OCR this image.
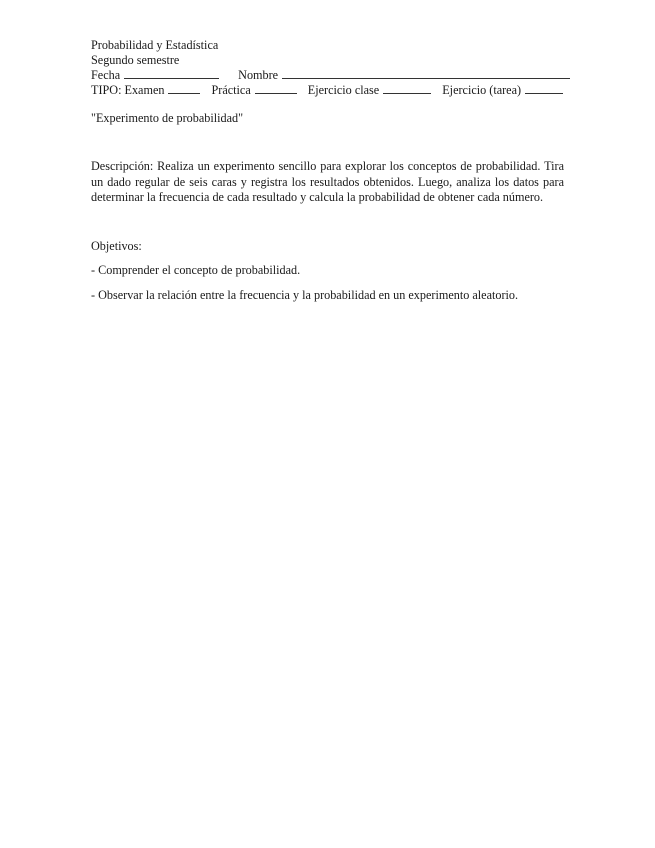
Probabilidad y Estadística
Segundo semestre
Fecha	Nombre
TIPO: Examen	Práctica	Ejercicio clase	Ejercicio (tarea)
"Experimento de probabilidad"
Descripción: Realiza un experimento sencillo para explorar los conceptos de probabilidad. Tira un dado regular de seis caras y registra los resultados obtenidos. Luego, analiza los datos para determinar la frecuencia de cada resultado y calcula la probabilidad de obtener cada número.
Objetivos:
- Comprender el concepto de probabilidad.
- Observar la relación entre la frecuencia y la probabilidad en un experimento aleatorio.
